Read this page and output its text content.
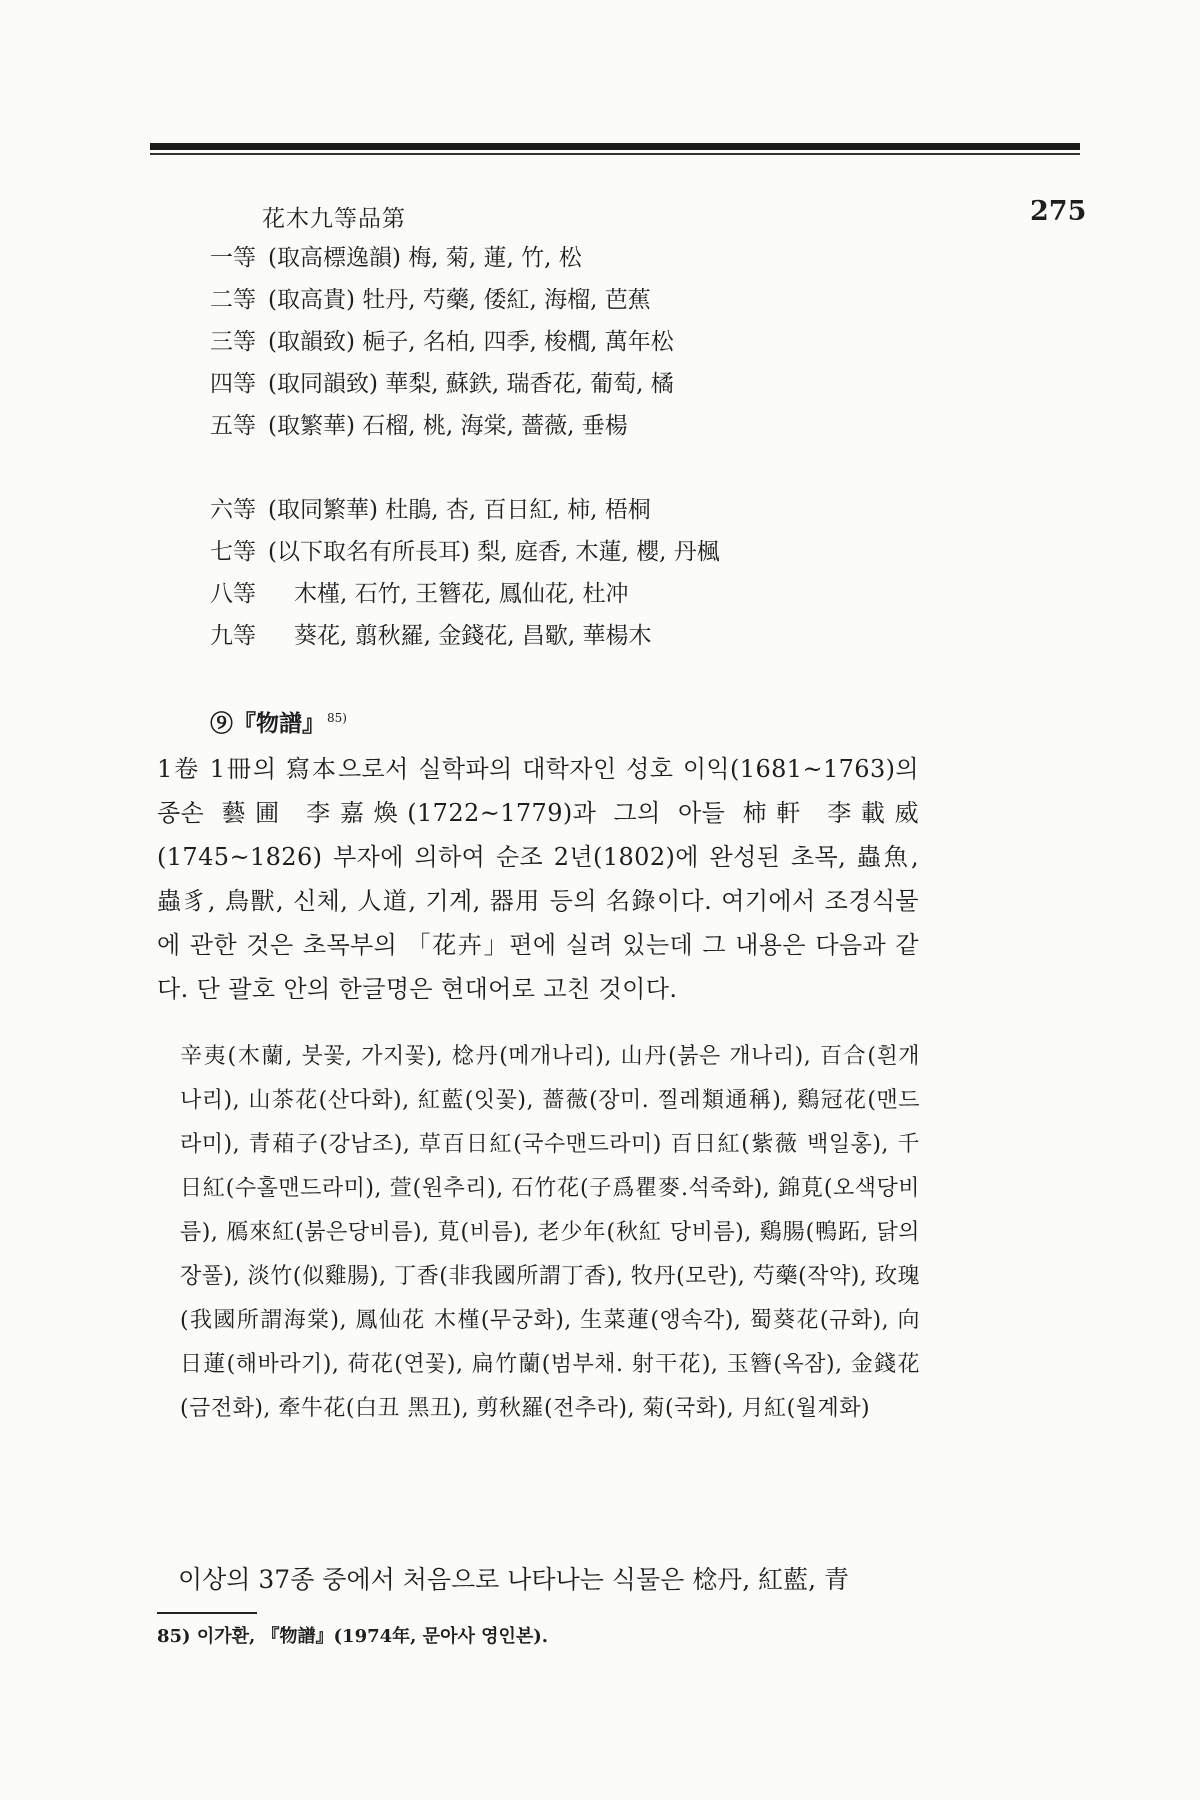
花木九等品第	275
一等 (取高標逸韻) 梅, 菊, 蓮, 竹, 松
二等 (取高貴) 牡丹, 芍藥, 倭紅, 海榴, 芭蕉
三等 (取韻致) 梔子, 名柏, 四季, 梭櫚, 萬年松
四等 (取同韻致) 華梨, 蘇鉄, 瑞香花, 葡萄, 橘
五等 (取繁華) 石榴, 桃, 海棠, 薔薇, 垂楊
六等 (取同繁華) 杜鵑, 杏, 百日紅, 柿, 梧桐
七等 (以下取名有所長耳) 梨, 庭香, 木蓮, 櫻, 丹楓
八等 木槿, 石竹, 王簪花, 鳳仙花, 杜冲
九等 葵花, 翦秋羅, 金錢花, 昌歜, 華楊木
⑨『物譜』 $^{85)}$

1卷 1冊의 寫本으로서 실학파의 대학자인 성호 이익(1681~1763)의 종손 藝圃 李嘉煥(1722~1779)과 그의 아들 柿軒 李載威(1745~1826) 부자에 의하여 순조 2년(1802)에 완성된 초목, 蟲魚, 蟲豸, 鳥獸, 신체, 人道, 기계, 器用 등의 名錄이다. 여기에서 조경식물에 관한 것은 초목부의 「花卉」편에 실려 있는데 그 내용은 다음과 같다. 단 괄호 안의 한글명은 현대어로 고친 것이다.

辛夷(木蘭, 붓꽃, 가지꽃), 棯丹(메개나리), 山丹(붉은 개나리), 百合(흰개나리), 山茶花(산다화), 紅藍(잇꽃), 薔薇(장미. 찔레類通稱), 鷄冠花(맨드라미), 青葙子(강남조), 草百日紅(국수맨드라미) 百日紅(紫薇 백일홍), 千日紅(수홀맨드라미), 萱(원추리), 石竹花(子爲瞿麥.석죽화), 錦莧(오색당비름), 鴈來紅(붉은당비름), 莧(비름), 老少年(秋紅 당비름), 鷄腸(鴨跖, 닭의 장풀), 淡竹(似雞腸), 丁香(非我國所謂丁香), 牧丹(모란), 芍藥(작약), 玫瑰(我國所謂海棠), 鳳仙花 木槿(무궁화), 生菜蓮(앵속각), 蜀葵花(규화), 向日蓮(해바라기), 荷花(연꽃), 扁竹蘭(범부채. 射干花), 玉簪(옥잠), 金錢花(금전화), 牽牛花(白丑 黑丑), 剪秋羅(전추라), 菊(국화), 月紅(월계화)

이상의 37종 중에서 처음으로 나타나는 식물은 棯丹, 紅藍, 青

85) 이가환, 『物譜』(1974年, 문아사 영인본).
